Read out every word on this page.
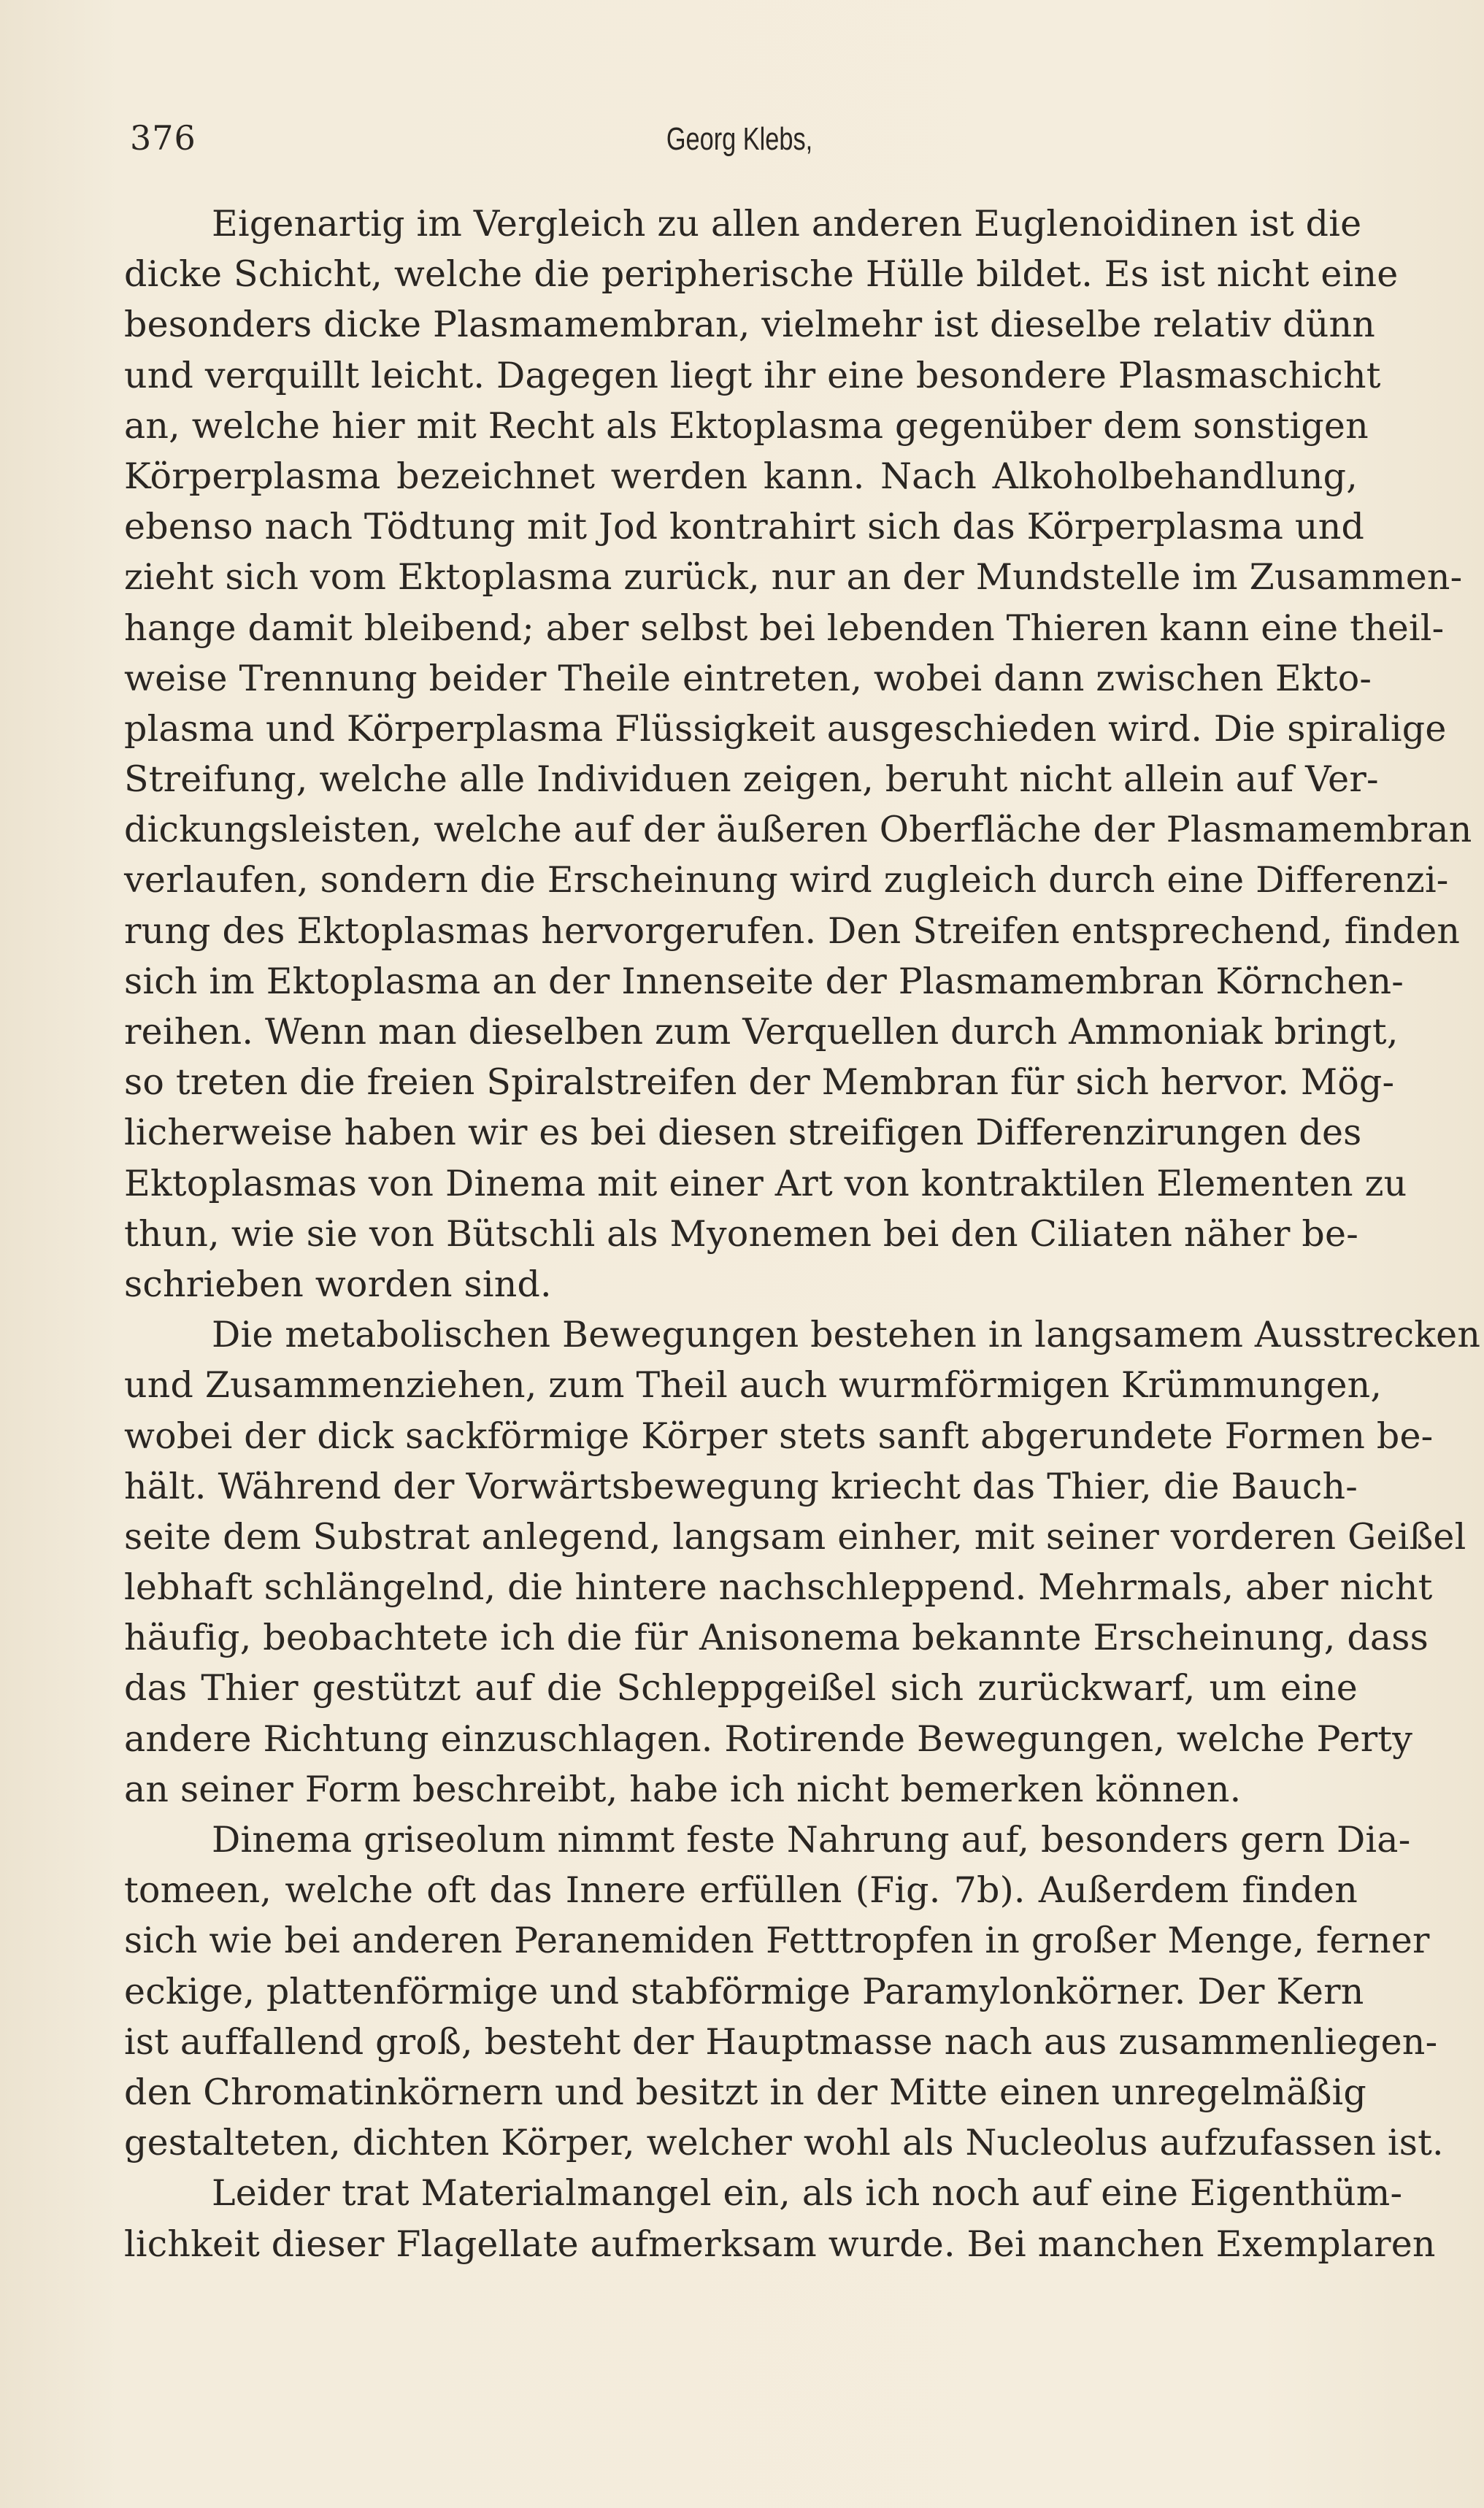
376	Georg Klebs,
Eigenartig im Vergleich zu allen anderen Euglenoidinen ist die
dicke Schicht, welche die peripherische Hülle bildet. Es ist nicht eine
besonders dicke Plasmamembran, vielmehr ist dieselbe relativ dünn
und verquillt leicht. Dagegen liegt ihr eine besondere Plasmaschicht
an, welche hier mit Recht als Ektoplasma gegenüber dem sonstigen
Körperplasma bezeichnet werden kann. Nach Alkoholbehandlung,
ebenso nach Tödtung mit Jod kontrahirt sich das Körperplasma und
zieht sich vom Ektoplasma zurück, nur an der Mundstelle im Zusammen-
hange damit bleibend; aber selbst bei lebenden Thieren kann eine theil-
weise Trennung beider Theile eintreten, wobei dann zwischen Ekto-
plasma und Körperplasma Flüssigkeit ausgeschieden wird. Die spiralige
Streifung, welche alle Individuen zeigen, beruht nicht allein auf Ver-
dickungsleisten, welche auf der äußeren Oberfläche der Plasmamembran
verlaufen, sondern die Erscheinung wird zugleich durch eine Differenzi-
rung des Ektoplasmas hervorgerufen. Den Streifen entsprechend, finden
sich im Ektoplasma an der Innenseite der Plasmamembran Körnchen-
reihen. Wenn man dieselben zum Verquellen durch Ammoniak bringt,
so treten die freien Spiralstreifen der Membran für sich hervor. Mög-
licherweise haben wir es bei diesen streifigen Differenzirungen des
Ektoplasmas von Dinema mit einer Art von kontraktilen Elementen zu
thun, wie sie von Bütschli als Myonemen bei den Ciliaten näher be-
schrieben worden sind.
Die metabolischen Bewegungen bestehen in langsamem Ausstrecken
und Zusammenziehen, zum Theil auch wurmförmigen Krümmungen,
wobei der dick sackförmige Körper stets sanft abgerundete Formen be-
hält. Während der Vorwärtsbewegung kriecht das Thier, die Bauch-
seite dem Substrat anlegend, langsam einher, mit seiner vorderen Geißel
lebhaft schlängelnd, die hintere nachschleppend. Mehrmals, aber nicht
häufig, beobachtete ich die für Anisonema bekannte Erscheinung, dass
das Thier gestützt auf die Schleppgeißel sich zurückwarf, um eine
andere Richtung einzuschlagen. Rotirende Bewegungen, welche Perty
an seiner Form beschreibt, habe ich nicht bemerken können.
Dinema griseolum nimmt feste Nahrung auf, besonders gern Dia-
tomeen, welche oft das Innere erfüllen (Fig. 7b). Außerdem finden
sich wie bei anderen Peranemiden Fetttropfen in großer Menge, ferner
eckige, plattenförmige und stabförmige Paramylonkörner. Der Kern
ist auffallend groß, besteht der Hauptmasse nach aus zusammenliegen-
den Chromatinkörnern und besitzt in der Mitte einen unregelmäßig
gestalteten, dichten Körper, welcher wohl als Nucleolus aufzufassen ist.
Leider trat Materialmangel ein, als ich noch auf eine Eigenthüm-
lichkeit dieser Flagellate aufmerksam wurde. Bei manchen Exemplaren
